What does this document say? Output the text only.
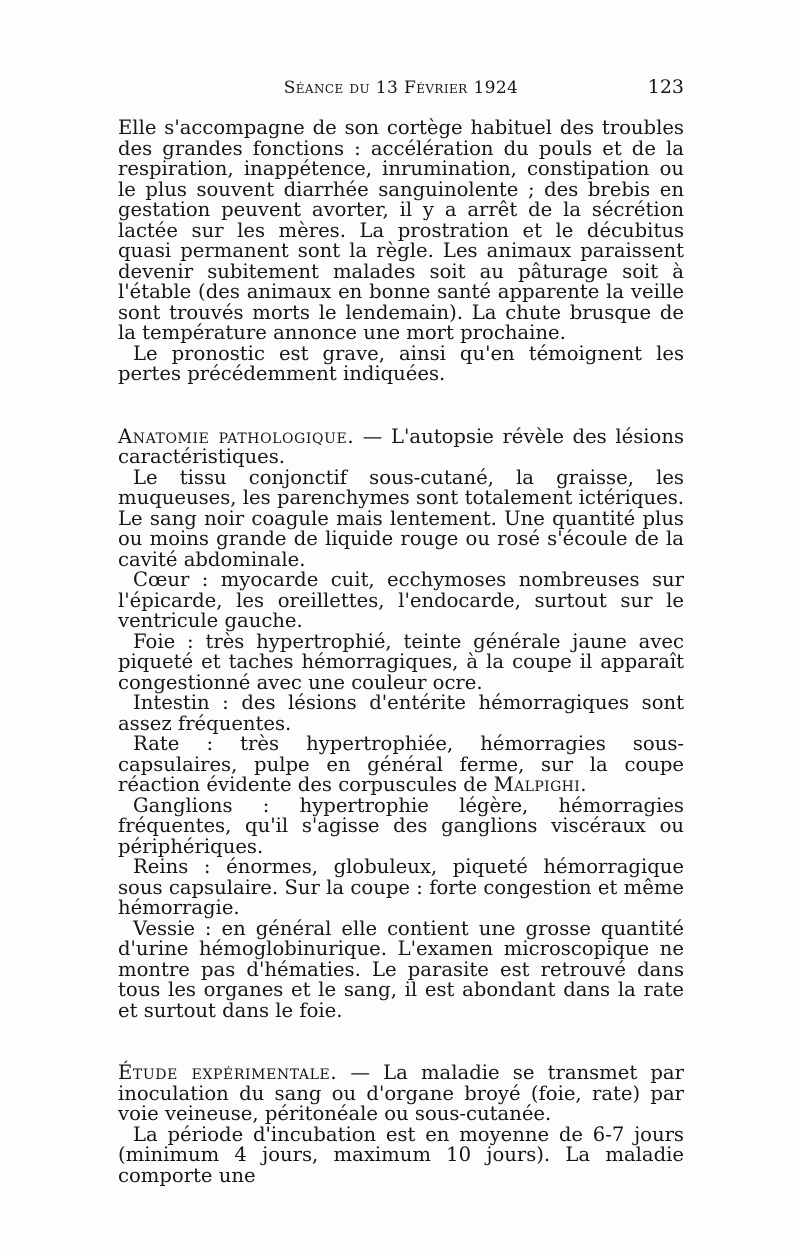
Séance du 13 Février 1924	123

Elle s'accompagne de son cortège habituel des troubles des grandes fonctions : accélération du pouls et de la respiration, inappétence, inrumination, constipation ou le plus souvent diarrhée sanguinolente ; des brebis en gestation peuvent avorter, il y a arrêt de la sécrétion lactée sur les mères. La prostration et le décubitus quasi permanent sont la règle. Les animaux paraissent devenir subitement malades soit au pâturage soit à l'étable (des animaux en bonne santé apparente la veille sont trouvés morts le lendemain). La chute brusque de la température annonce une mort prochaine.

Le pronostic est grave, ainsi qu'en témoignent les pertes précédemment indiquées.

Anatomie pathologique. — L'autopsie révèle des lésions caractéristiques.

Le tissu conjonctif sous-cutané, la graisse, les muqueuses, les parenchymes sont totalement ictériques. Le sang noir coagule mais lentement. Une quantité plus ou moins grande de liquide rouge ou rosé s'écoule de la cavité abdominale.

Cœur : myocarde cuit, ecchymoses nombreuses sur l'épicarde, les oreillettes, l'endocarde, surtout sur le ventricule gauche.

Foie : très hypertrophié, teinte générale jaune avec piqueté et taches hémorragiques, à la coupe il apparaît congestionné avec une couleur ocre.

Intestin : des lésions d'entérite hémorragiques sont assez fréquentes.

Rate : très hypertrophiée, hémorragies sous-capsulaires, pulpe en général ferme, sur la coupe réaction évidente des corpuscules de Malpighi.

Ganglions : hypertrophie légère, hémorragies fréquentes, qu'il s'agisse des ganglions viscéraux ou périphériques.

Reins : énormes, globuleux, piqueté hémorragique sous capsulaire. Sur la coupe : forte congestion et même hémorragie.

Vessie : en général elle contient une grosse quantité d'urine hémoglobinurique. L'examen microscopique ne montre pas d'hématies. Le parasite est retrouvé dans tous les organes et le sang, il est abondant dans la rate et surtout dans le foie.

Étude expérimentale. — La maladie se transmet par inoculation du sang ou d'organe broyé (foie, rate) par voie veineuse, péritonéale ou sous-cutanée.

La période d'incubation est en moyenne de 6-7 jours (minimum 4 jours, maximum 10 jours). La maladie comporte une
